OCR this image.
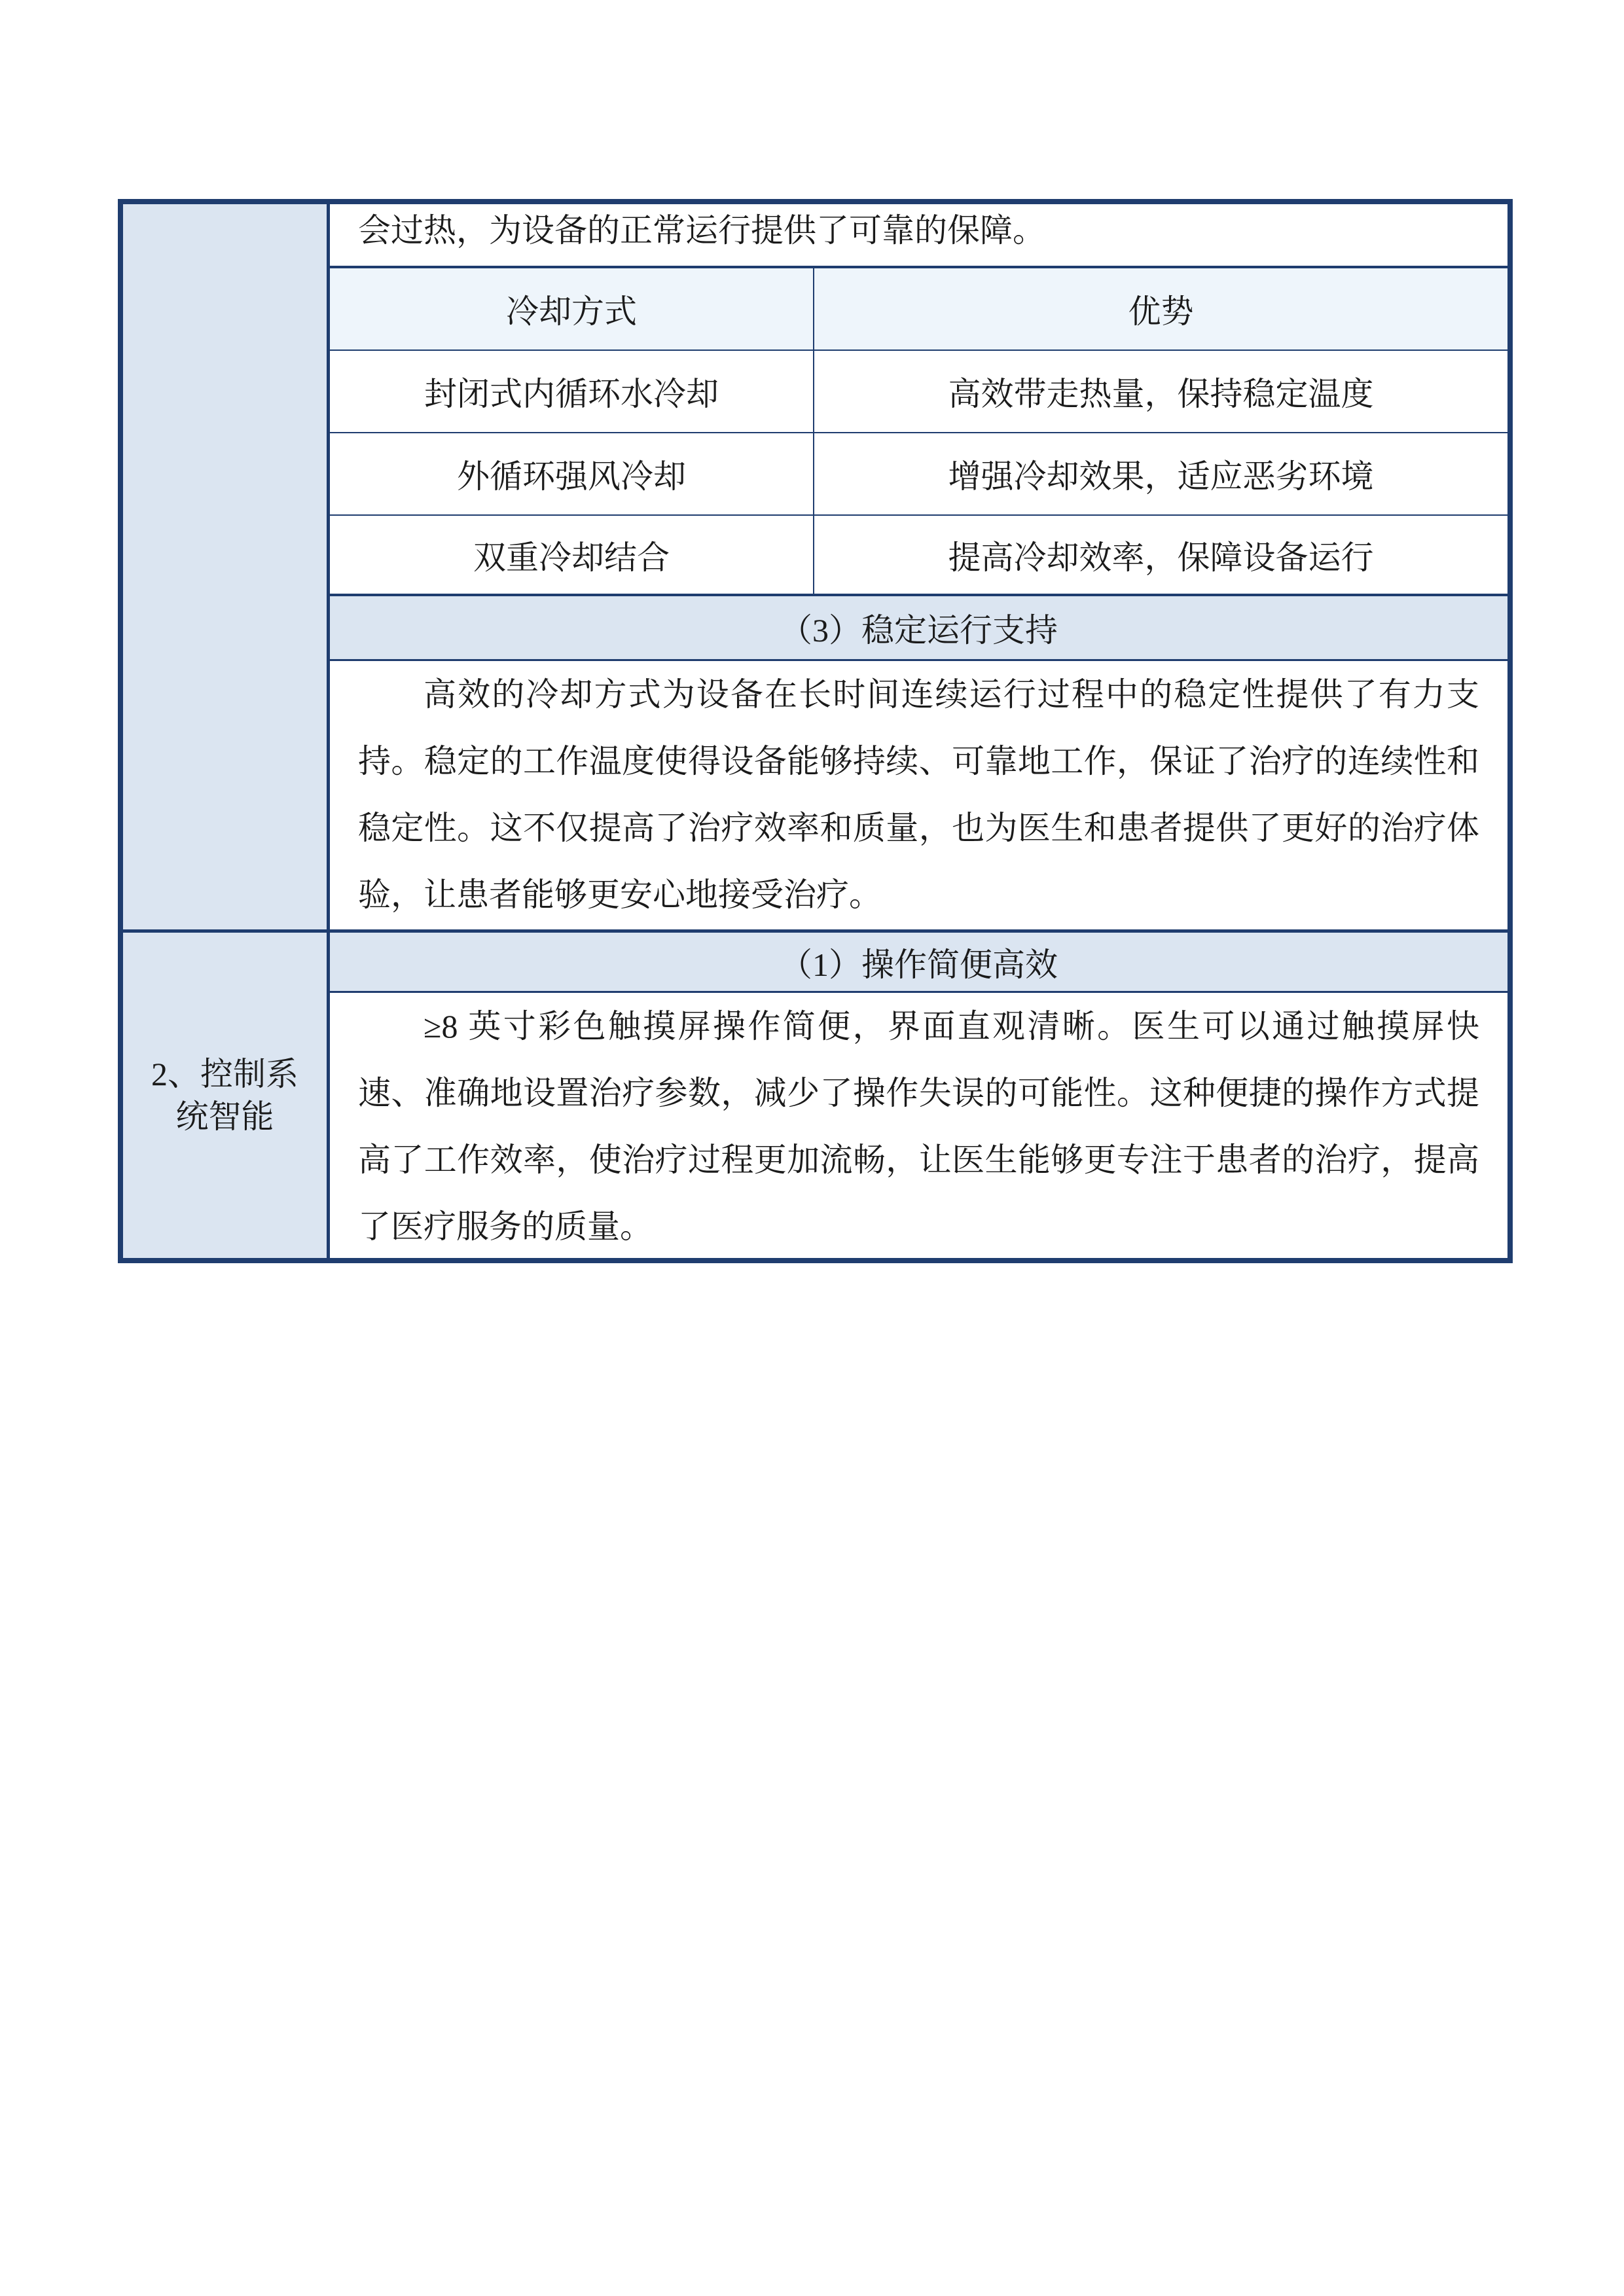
会过热，为设备的正常运行提供了可靠的保障。
冷却方式	优势
封闭式内循环水冷却	高效带走热量，保持稳定温度
外循环强风冷却	增强冷却效果，适应恶劣环境
双重冷却结合	提高冷却效率，保障设备运行
（3）稳定运行支持
高效的冷却方式为设备在长时间连续运行过程中的稳定性提供了有力支持。稳定的工作温度使得设备能够持续、可靠地工作，保证了治疗的连续性和稳定性。这不仅提高了治疗效率和质量，也为医生和患者提供了更好的治疗体验，让患者能够更安心地接受治疗。
2、控制系统智能
（1）操作简便高效
≥8 英寸彩色触摸屏操作简便，界面直观清晰。医生可以通过触摸屏快速、准确地设置治疗参数，减少了操作失误的可能性。这种便捷的操作方式提高了工作效率，使治疗过程更加流畅，让医生能够更专注于患者的治疗，提高了医疗服务的质量。
